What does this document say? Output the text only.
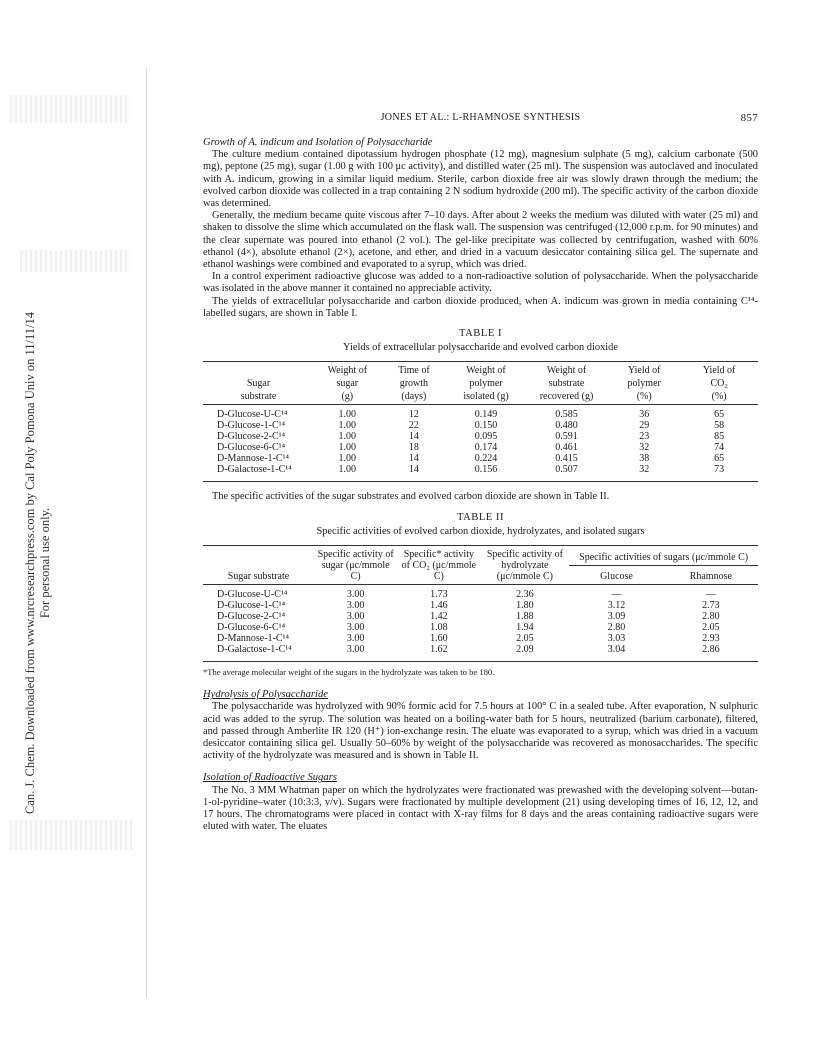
Can. J. Chem. Downloaded from www.nrcresearchpress.com by Cal Poly Pomona Univ on 11/11/14 For personal use only.
JONES ET AL.: L-RHAMNOSE SYNTHESIS	857
Growth of A. indicum and Isolation of Polysaccharide

The culture medium contained dipotassium hydrogen phosphate (12 mg), magnesium sulphate (5 mg), calcium carbonate (500 mg), peptone (25 mg), sugar (1.00 g with 100 μc activity), and distilled water (25 ml). The suspension was autoclaved and inoculated with A. indicum, growing in a similar liquid medium. Sterile, carbon dioxide free air was slowly drawn through the medium; the evolved carbon dioxide was collected in a trap containing 2 N sodium hydroxide (200 ml). The specific activity of the carbon dioxide was determined.

Generally, the medium became quite viscous after 7–10 days. After about 2 weeks the medium was diluted with water (25 ml) and shaken to dissolve the slime which accumulated on the flask wall. The suspension was centrifuged (12,000 r.p.m. for 90 minutes) and the clear supernate was poured into ethanol (2 vol.). The gel-like precipitate was collected by centrifugation, washed with 60% ethanol (4×), absolute ethanol (2×), acetone, and ether, and dried in a vacuum desiccator containing silica gel. The supernate and ethanol washings were combined and evaporated to a syrup, which was dried.

In a control experiment radioactive glucose was added to a non-radioactive solution of polysaccharide. When the polysaccharide was isolated in the above manner it contained no appreciable activity.

The yields of extracellular polysaccharide and carbon dioxide produced, when A. indicum was grown in media containing C¹⁴-labelled sugars, are shown in Table I.

TABLE I
Yields of extracellular polysaccharide and evolved carbon dioxide
	Weight of	Time of	Weight of	Weight of	Yield of	Yield of
Sugar	sugar	growth	polymer	substrate	polymer	CO₂
substrate	(g)	(days)	isolated (g)	recovered (g)	(%)	(%)
D-Glucose-U-C¹⁴	1.00	12	0.149	0.585	36	65
D-Glucose-1-C¹⁴	1.00	22	0.150	0.480	29	58
D-Glucose-2-C¹⁴	1.00	14	0.095	0.591	23	85
D-Glucose-6-C¹⁴	1.00	18	0.174	0.461	32	74
D-Mannose-1-C¹⁴	1.00	14	0.224	0.415	38	65
D-Galactose-1-C¹⁴	1.00	14	0.156	0.507	32	73

The specific activities of the sugar substrates and evolved carbon dioxide are shown in Table II.

TABLE II
Specific activities of evolved carbon dioxide, hydrolyzates, and isolated sugars
Sugar substrate	Specific activity of sugar (μc/mmole C)	Specific* activity of CO₂ (μc/mmole C)	Specific activity of hydrolyzate (μc/mmole C)	Specific activities of sugars (μc/mmole C)	
				Glucose	Rhamnose
D-Glucose-U-C¹⁴	3.00	1.73	2.36	—	—
D-Glucose-1-C¹⁴	3.00	1.46	1.80	3.12	2.73
D-Glucose-2-C¹⁴	3.00	1.42	1.88	3.09	2.80
D-Glucose-6-C¹⁴	3.00	1.08	1.94	2.80	2.05
D-Mannose-1-C¹⁴	3.00	1.60	2.05	3.03	2.93
D-Galactose-1-C¹⁴	3.00	1.62	2.09	3.04	2.86
*The average molecular weight of the sugars in the hydrolyzate was taken to be 180.
Hydrolysis of Polysaccharide

The polysaccharide was hydrolyzed with 90% formic acid for 7.5 hours at 100° C in a sealed tube. After evaporation, N sulphuric acid was added to the syrup. The solution was heated on a boiling-water bath for 5 hours, neutralized (barium carbonate), filtered, and passed through Amberlite IR 120 (H⁺) ion-exchange resin. The eluate was evaporated to a syrup, which was dried in a vacuum desiccator containing silica gel. Usually 50–60% by weight of the polysaccharide was recovered as monosaccharides. The specific activity of the hydrolyzate was measured and is shown in Table II.

Isolation of Radioactive Sugars

The No. 3 MM Whatman paper on which the hydrolyzates were fractionated was prewashed with the developing solvent—butan-1-ol-pyridine–water (10:3:3, v/v). Sugars were fractionated by multiple development (21) using developing times of 16, 12, 12, and 17 hours. The chromatograms were placed in contact with X-ray films for 8 days and the areas containing radioactive sugars were eluted with water. The eluates
